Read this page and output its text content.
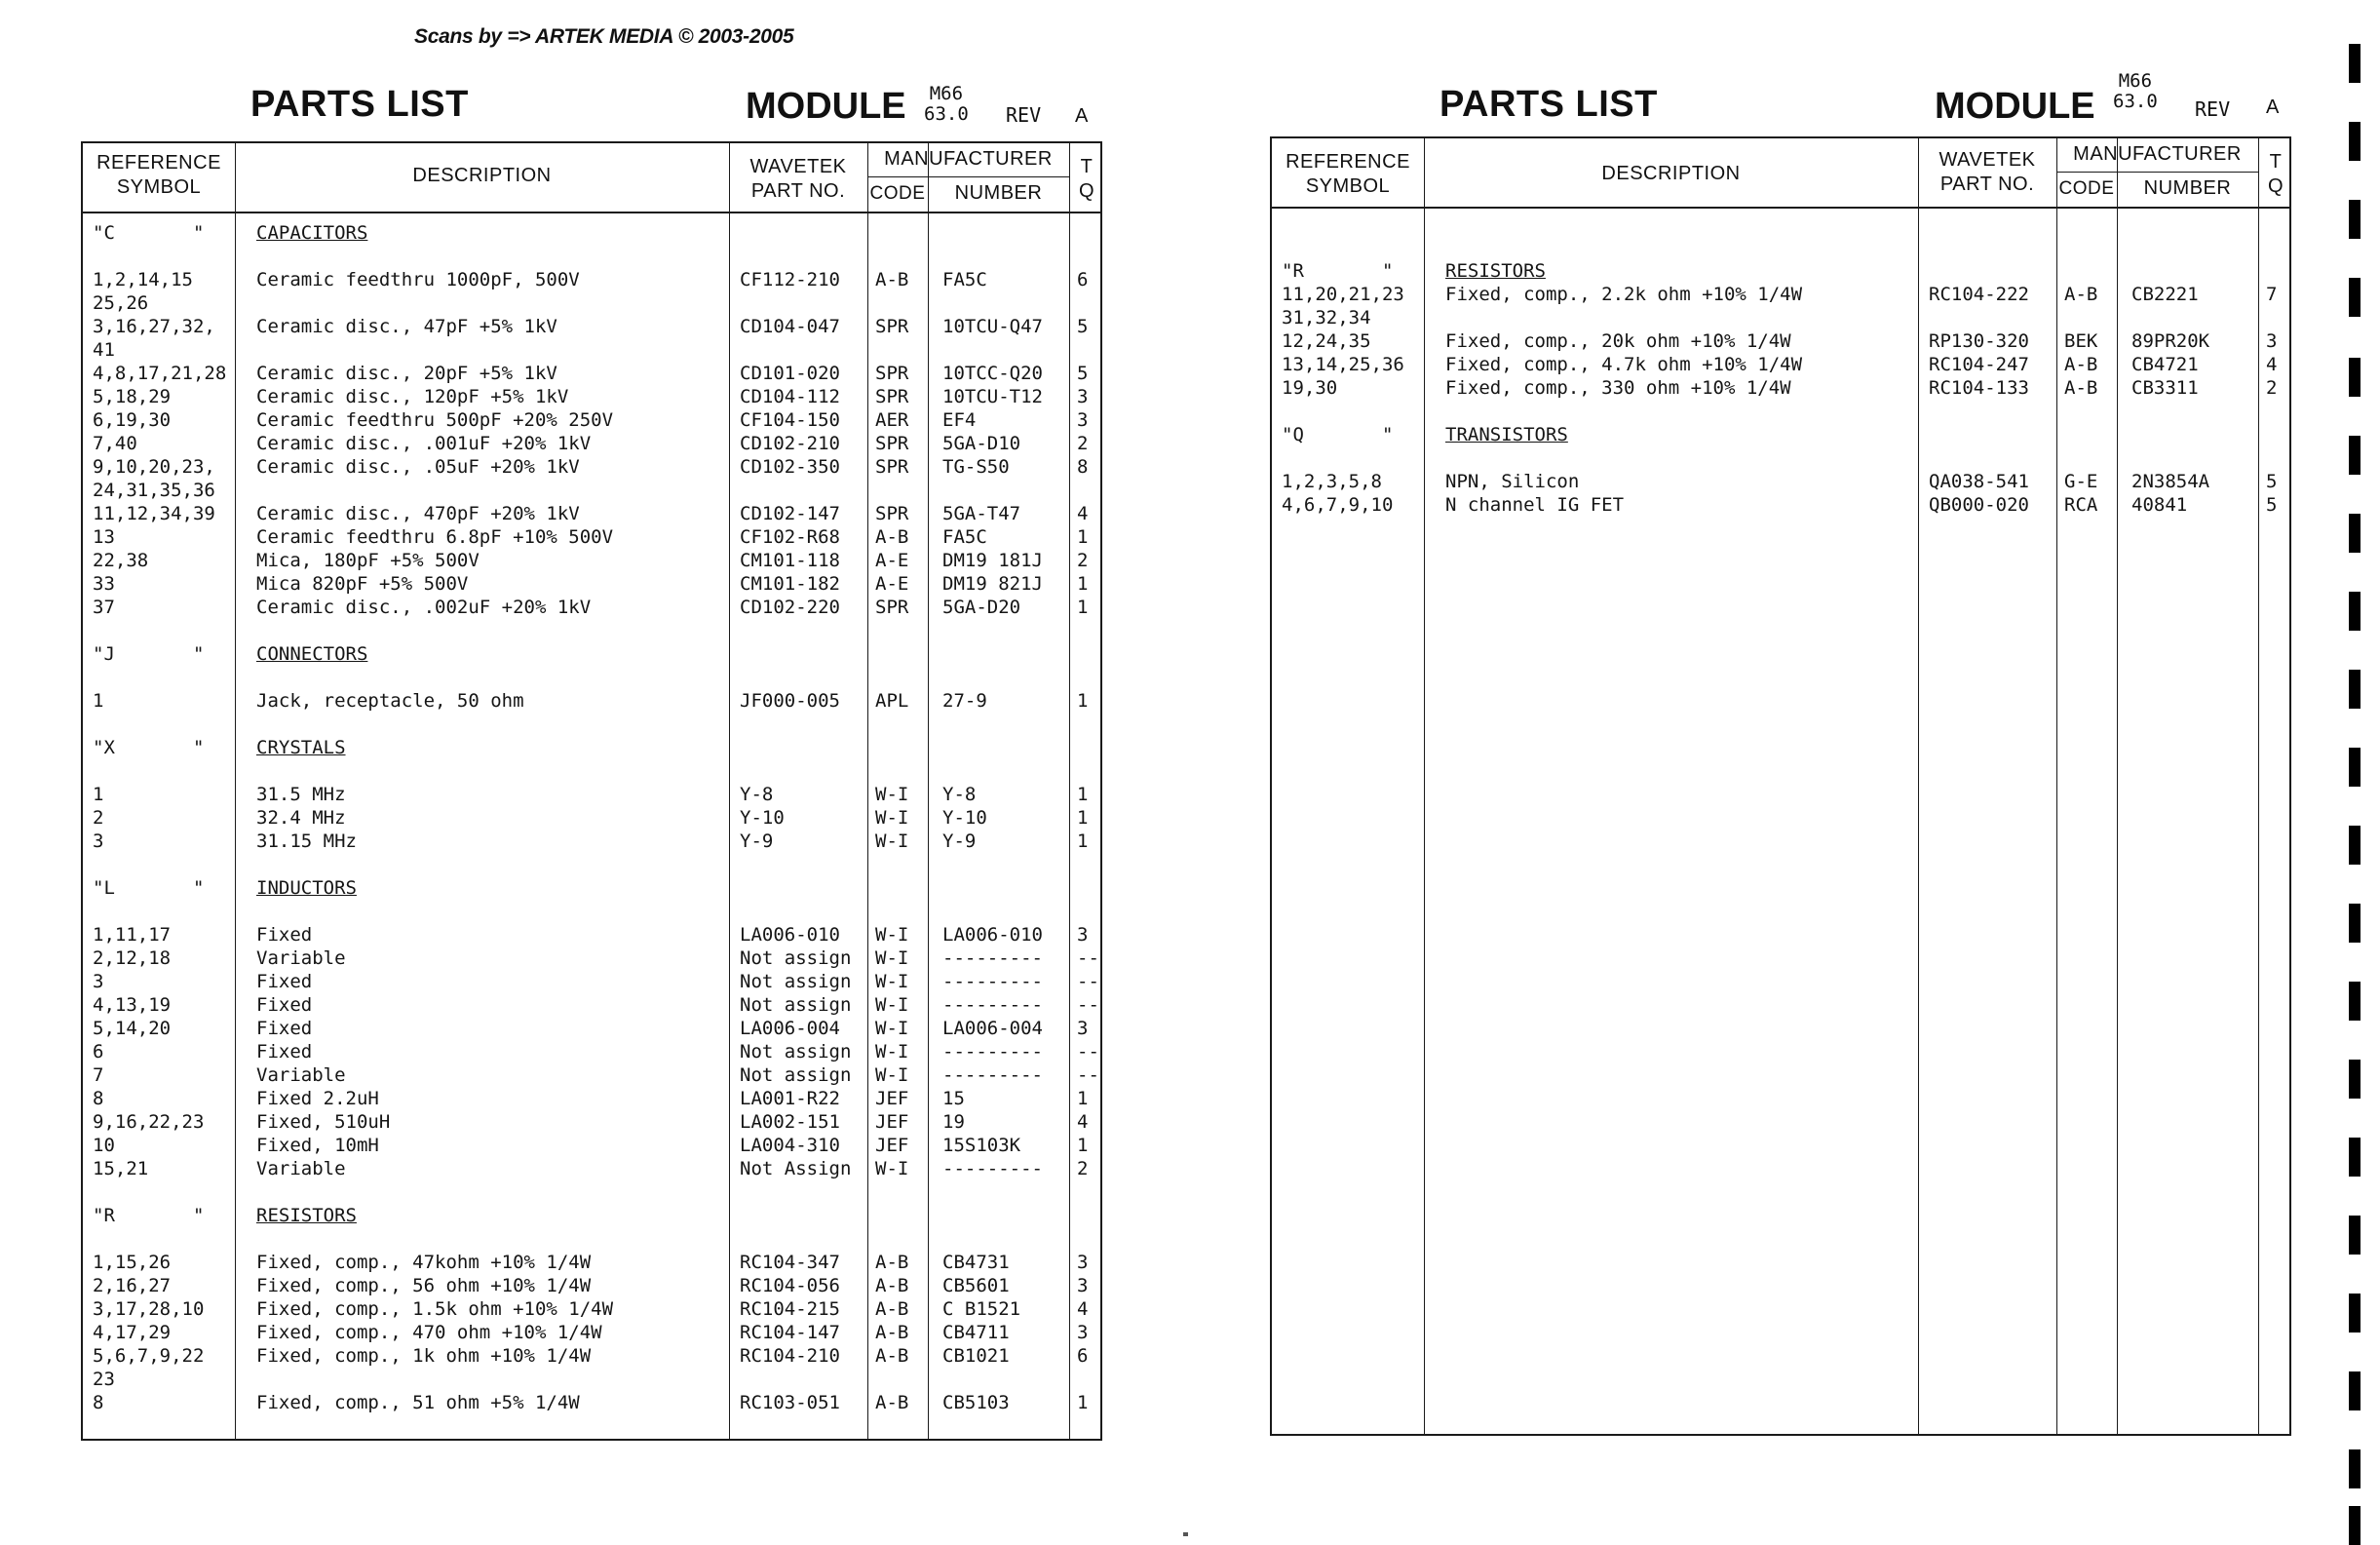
Scans by => ARTEK MEDIA © 2003-2005
PARTS LIST	MODULE	M66
63.0 REV A
REFERENCE
SYMBOL
DESCRIPTION	WAVETEK
PART NO.
MANUFACTURER
CODE	NUMBER
T
Q
"C       "	CAPACITORS
1,2,14,15	Ceramic feedthru 1000pF, 500V	CF112-210 A-B FA5C	6
25,26
3,16,27,32, Ceramic disc., 47pF +5% 1kV	CD104-047 SPR 10TCU-Q47 5
41
4,8,17,21,28 Ceramic disc., 20pF +5% 1kV	CD101-020 SPR 10TCC-Q20 5
5,18,29	Ceramic disc., 120pF +5% 1kV	CD104-112 SPR 10TCU-T12 3
6,19,30	Ceramic feedthru 500pF +20% 250V	CF104-150 AER EF4	3
7,40	Ceramic disc., .001uF +20% 1kV	CD102-210 SPR 5GA-D10	2
9,10,20,23, Ceramic disc., .05uF +20% 1kV	CD102-350 SPR TG-S50	8
24,31,35,36
11,12,34,39 Ceramic disc., 470pF +20% 1kV	CD102-147 SPR 5GA-T47	4
13	Ceramic feedthru 6.8pF +10% 500V	CF102-R68 A-B FA5C	1
22,38	Mica, 180pF +5% 500V	CM101-118 A-E DM19 181J 2
33	Mica 820pF +5% 500V	CM101-182 A-E DM19 821J 1
37	Ceramic disc., .002uF +20% 1kV	CD102-220 SPR 5GA-D20	1
"J       "	CONNECTORS
1	Jack, receptacle, 50 ohm	JF000-005 APL 27-9	1
"X       "	CRYSTALS
1	31.5 MHz	Y-8	W-I Y-8	1
2	32.4 MHz	Y-10	W-I Y-10	1
3	31.15 MHz	Y-9	W-I Y-9	1
"L       "	INDUCTORS
1,11,17	Fixed	LA006-010 W-I LA006-010 3
2,12,18	Variable	Not assign W-I --------- --
3	Fixed	Not assign W-I --------- --
4,13,19	Fixed	Not assign W-I --------- --
5,14,20	Fixed	LA006-004 W-I LA006-004 3
6	Fixed	Not assign W-I --------- --
7	Variable	Not assign W-I --------- --
8	Fixed 2.2uH	LA001-R22 JEF 15	1
9,16,22,23	Fixed, 510uH	LA002-151 JEF 19	4
10	Fixed, 10mH	LA004-310 JEF 15S103K	1
15,21	Variable	Not Assign W-I --------- 2
"R       "	RESISTORS
1,15,26	Fixed, comp., 47kohm +10% 1/4W	RC104-347 A-B CB4731	3
2,16,27	Fixed, comp., 56 ohm +10% 1/4W	RC104-056 A-B CB5601	3
3,17,28,10	Fixed, comp., 1.5k ohm +10% 1/4W	RC104-215 A-B C B1521	4
4,17,29	Fixed, comp., 470 ohm +10% 1/4W	RC104-147 A-B CB4711	3
5,6,7,9,22	Fixed, comp., 1k ohm +10% 1/4W	RC104-210 A-B CB1021	6
23
8	Fixed, comp., 51 ohm +5% 1/4W	RC103-051 A-B CB5103	1
PARTS LIST	MODULE
M66
63.0 REV A
REFERENCE
SYMBOL
DESCRIPTION
WAVETEK
PART NO.
MANUFACTURER
CODE	NUMBER
T
Q
"R       "	RESISTORS
11,20,21,23 Fixed, comp., 2.2k ohm +10% 1/4W	RC104-222 A-B CB2221	7
31,32,34
12,24,35	Fixed, comp., 20k ohm +10% 1/4W	RP130-320 BEK 89PR20K	3
13,14,25,36 Fixed, comp., 4.7k ohm +10% 1/4W	RC104-247 A-B CB4721	4
19,30	Fixed, comp., 330 ohm +10% 1/4W	RC104-133 A-B CB3311	2
"Q       "	TRANSISTORS
1,2,3,5,8	NPN, Silicon	QA038-541 G-E 2N3854A	5
4,6,7,9,10	N channel IG FET	QB000-020 RCA 40841	5
